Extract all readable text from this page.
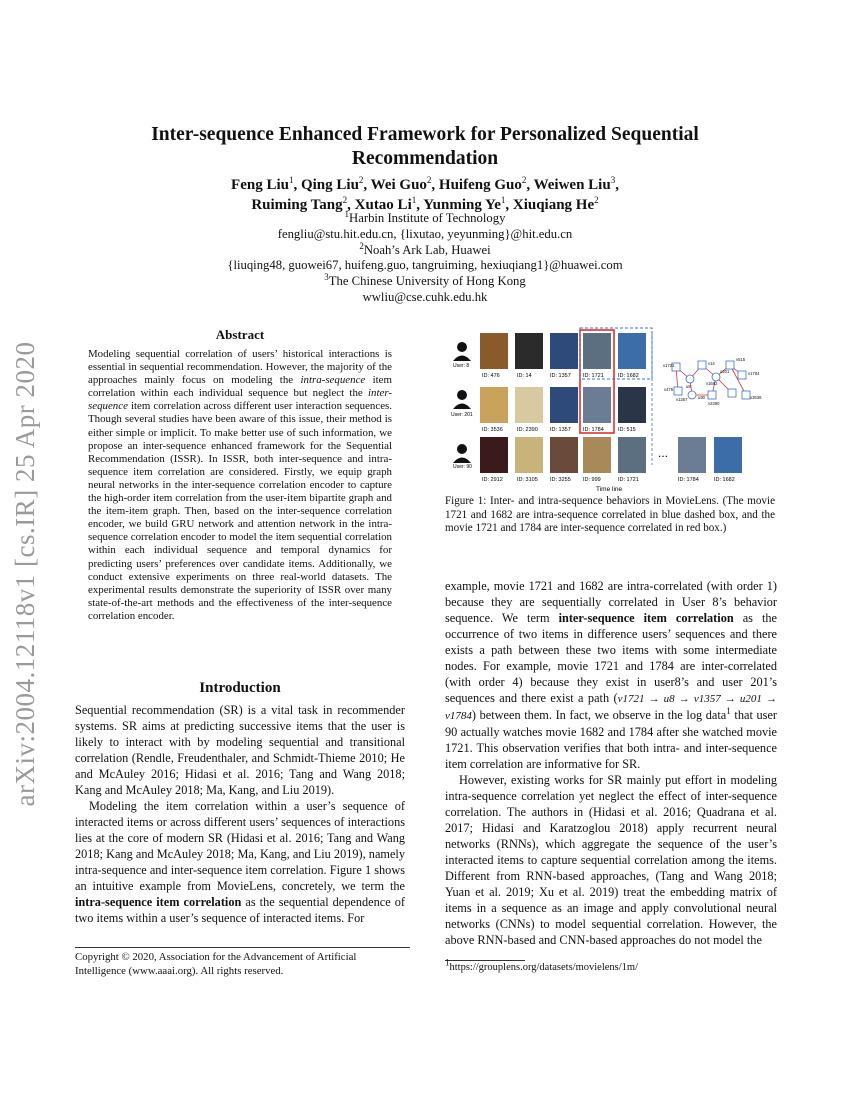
arXiv:2004.12118v1 [cs.IR] 25 Apr 2020
Inter-sequence Enhanced Framework for Personalized Sequential
Recommendation
Feng Liu$^1$, Qing Liu$^2$, Wei Guo$^2$, Huifeng Guo$^2$, Weiwen Liu$^3$,
Ruiming Tang$^2$, Xutao Li$^1$, Yunming Ye$^1$, Xiuqiang He$^2$
$^1$Harbin Institute of Technology
fengliu@stu.hit.edu.cn, {lixutao, yeyunming}@hit.edu.cn
$^2$Noah’s Ark Lab, Huawei
{liuqing48, guowei67, huifeng.guo, tangruiming, hexiuqiang1}@huawei.com
$^3$The Chinese University of Hong Kong
wwliu@cse.cuhk.edu.hk
Abstract
Modeling sequential correlation of users’ historical interactions is essential in sequential recommendation. However, the majority of the approaches mainly focus on modeling the intra-sequence item correlation within each individual sequence but neglect the inter-sequence item correlation across different user interaction sequences. Though several studies have been aware of this issue, their method is either simple or implicit. To make better use of such information, we propose an inter-sequence enhanced framework for the Sequential Recommendation (ISSR). In ISSR, both inter-sequence and intra-sequence item correlation are considered. Firstly, we equip graph neural networks in the inter-sequence correlation encoder to capture the high-order item correlation from the user-item bipartite graph and the item-item graph. Then, based on the inter-sequence correlation encoder, we build GRU network and attention network in the intra-sequence correlation encoder to model the item sequential correlation within each individual sequence and temporal dynamics for predicting users’ preferences over candidate items. Additionally, we conduct extensive experiments on three real-world datasets. The experimental results demonstrate the superiority of ISSR over many state-of-the-art methods and the effectiveness of the inter-sequence correlation encoder.
Introduction

Sequential recommendation (SR) is a vital task in recommender systems. SR aims at predicting successive items that the user is likely to interact with by modeling sequential and transitional correlation (Rendle, Freudenthaler, and Schmidt-Thieme 2010; He and McAuley 2016; Hidasi et al. 2016; Tang and Wang 2018; Kang and McAuley 2018; Ma, Kang, and Liu 2019).

Modeling the item correlation within a user’s sequence of interacted items or across different users’ sequences of interactions lies at the core of modern SR (Hidasi et al. 2016; Tang and Wang 2018; Kang and McAuley 2018; Ma, Kang, and Liu 2019), namely intra-sequence and inter-sequence item correlation. Figure 1 shows an intuitive example from MovieLens, concretely, we term the intra-sequence item correlation as the sequential dependence of two items within a user’s sequence of interacted items. For

Copyright © 2020, Association for the Advancement of Artificial Intelligence (www.aaai.org). All rights reserved.
User: 8
User: 201
User: 90
ID: 476	ID: 14	ID: 1357 ID: 1721	ID: 1682
ID: 3536	ID: 2390 ID: 1357 ID: 1784	ID: 515
...
ID: 2912	ID: 3105 ID: 3255 ID: 999	ID: 1721	ID: 1784	ID: 1682
Time line
v1721
u8
v14
u201
v515
v1784
v1682
v476
u90
v1357
v2390
v3536
Figure 1: Inter- and intra-sequence behaviors in MovieLens. (The movie 1721 and 1682 are intra-sequence correlated in blue dashed box, and the movie 1721 and 1784 are inter-sequence correlated in red box.)

example, movie 1721 and 1682 are intra-correlated (with order 1) because they are sequentially correlated in User 8’s behavior sequence. We term inter-sequence item correlation as the occurrence of two items in difference users’ sequences and there exists a path between these two items with some intermediate nodes. For example, movie 1721 and 1784 are inter-correlated (with order 4) because they exist in user8’s and user 201’s sequences and there exist a path (v1721 → u8 → v1357 → u201 → v1784) between them. In fact, we observe in the log data$^1$ that user 90 actually watches movie 1682 and 1784 after she watched movie 1721. This observation verifies that both intra- and inter-sequence item correlation are informative for SR.

However, existing works for SR mainly put effort in modeling intra-sequence correlation yet neglect the effect of inter-sequence correlation. The authors in (Hidasi et al. 2016; Quadrana et al. 2017; Hidasi and Karatzoglou 2018) apply recurrent neural networks (RNNs), which aggregate the sequence of the user’s interacted items to capture sequential correlation among the items. Different from RNN-based approaches, (Tang and Wang 2018; Yuan et al. 2019; Xu et al. 2019) treat the embedding matrix of items in a sequence as an image and apply convolutional neural networks (CNNs) to model sequential correlation. However, the above RNN-based and CNN-based approaches do not model the

$^1$https://grouplens.org/datasets/movielens/1m/
